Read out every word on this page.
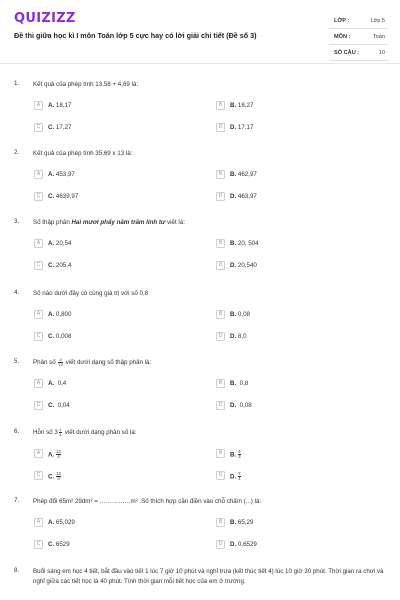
QUIZIZZ
Đề thi giữa học kì I môn Toán lớp 5 cực hay có lời giải chi tiết (Đề số 3)
LỚP :	Lớp 5
MÔN :	Toán
SỐ CÂU :	10
1. Kết quả của phép tính 13,58 + 4,69 là:
A	A. 18,17	B	B. 18,27
C	C. 17,27	D	D. 17,17
2. Kết quả của phép tính 35,69 x 13 là:
A	A. 453,97	B	B. 462,97
C	C. 4639,97	D	D. 463,97
3. Số thập phân Hai mươi phẩy năm trăm linh tư viết là:
A	A. 20,54	B	B. 20, 504
C	C. 205,4	D	D. 20,540
4. Số nào dưới đây có cùng giá trị với số 0,8
A	A. 0,800	B	B. 0,08
C	C. 0,008	D	D. 8,0
5. Phân số $\frac{4}{10}$ viết dưới dạng số thập phân là:
A	A. 0,4	B	B. 0,8
C	C. 0,04	D	D. 0,08
6. Hỗn số $3 \frac{1}{4}$ viết dưới dạng phân số là:
A	A. $\frac{13}{4}$	B	B. $\frac{4}{3}$
C	C. $\frac{13}{3}$	D	D. $\frac{7}{4}$
7. Phép đổi 65m² 29dm² = ……………m² .Số thích hợp cần điền vào chỗ chấm (...) là:
A	A. 65,029	B	B. 65,29
C	C. 6529	D	D. 0,6529
8. Buổi sáng em học 4 tiết, bắt đầu vào tiết 1 lúc 7 giờ 10 phút và nghỉ trưa (kết thúc tiết 4) lúc 10 giờ 30 phút. Thời gian ra chơi và nghỉ giữa các tiết học là 40 phút. Tính thời gian mỗi tiết học của em ở trường.
